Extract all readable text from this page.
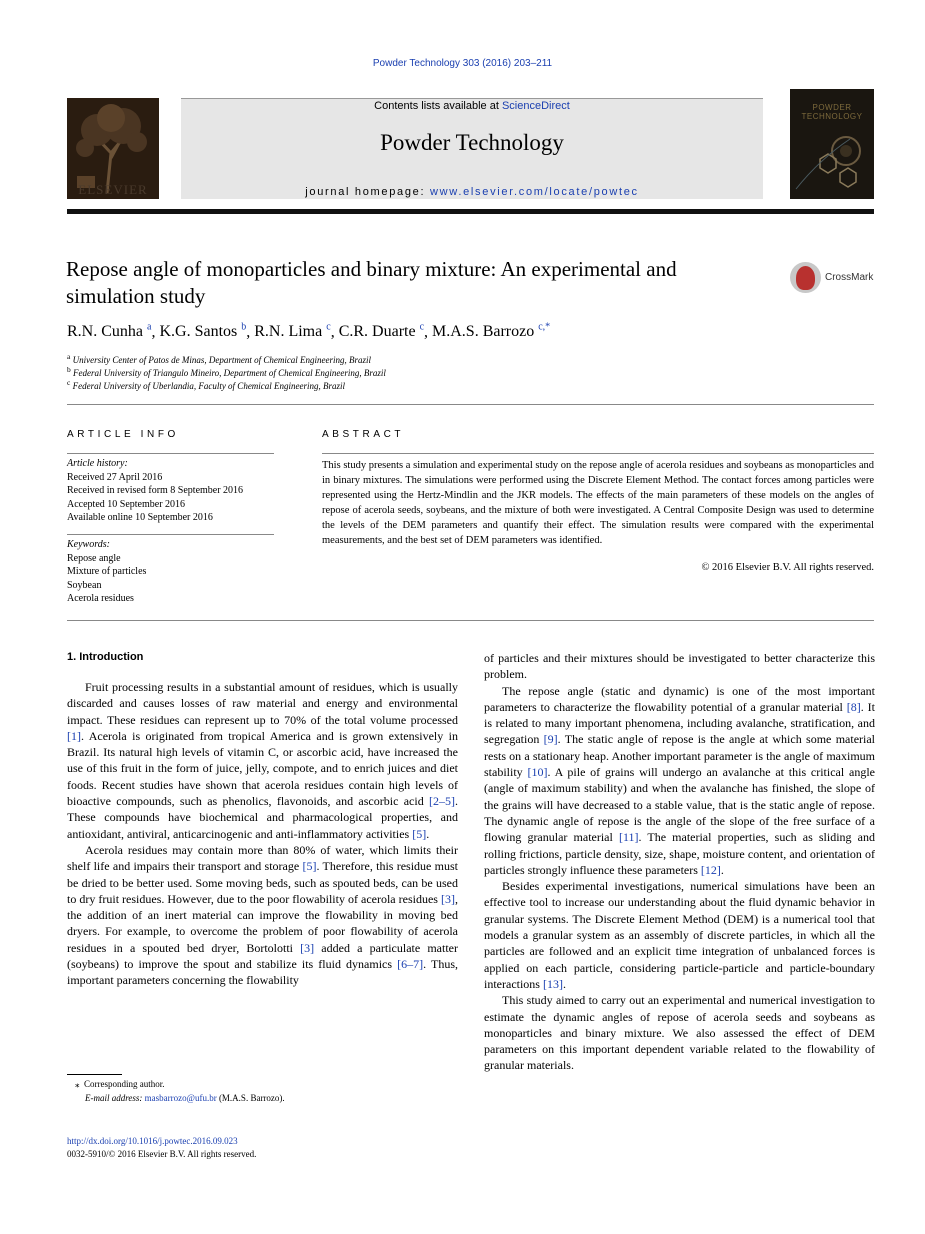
Powder Technology 303 (2016) 203–211
ELSEVIER
Contents lists available at ScienceDirect
Powder Technology
journal homepage: www.elsevier.com/locate/powtec
POWDER TECHNOLOGY
Repose angle of monoparticles and binary mixture: An experimental and
simulation study
CrossMark
R.N. Cunha $^a$, K.G. Santos $^b$, R.N. Lima $^c$, C.R. Duarte $^c$, M.A.S. Barrozo $^{c,*}$
$^a$ University Center of Patos de Minas, Department of Chemical Engineering, Brazil
$^b$ Federal University of Triangulo Mineiro, Department of Chemical Engineering, Brazil
$^c$ Federal University of Uberlandia, Faculty of Chemical Engineering, Brazil
ARTICLE INFO
Article history:
Received 27 April 2016
Received in revised form 8 September 2016
Accepted 10 September 2016
Available online 10 September 2016
Keywords:
Repose angle
Mixture of particles
Soybean
Acerola residues
ABSTRACT
This study presents a simulation and experimental study on the repose angle of acerola residues and soybeans as monoparticles and in binary mixtures. The simulations were performed using the Discrete Element Method. The contact forces among particles were represented using the Hertz-Mindlin and the JKR models. The effects of the main parameters of these models on the angles of repose of acerola seeds, soybeans, and the mixture of both were investigated. A Central Composite Design was used to determine the levels of the DEM parameters and quantify their effect. The simulation results were compared with the experimental measurements, and the best set of DEM parameters was identified.
© 2016 Elsevier B.V. All rights reserved.
1. Introduction

Fruit processing results in a substantial amount of residues, which is usually discarded and causes losses of raw material and energy and environmental impact. These residues can represent up to 70% of the total volume processed [1]. Acerola is originated from tropical America and is grown extensively in Brazil. Its natural high levels of vitamin C, or ascorbic acid, have increased the use of this fruit in the form of juice, jelly, compote, and to enrich juices and diet foods. Recent studies have shown that acerola residues contain high levels of bioactive compounds, such as phenolics, flavonoids, and ascorbic acid [2–5]. These compounds have biochemical and pharmacological properties, and antioxidant, antiviral, anticarcinogenic and anti-inflammatory activities [5].

Acerola residues may contain more than 80% of water, which limits their shelf life and impairs their transport and storage [5]. Therefore, this residue must be dried to be better used. Some moving beds, such as spouted beds, can be used to dry fruit residues. However, due to the poor flowability of acerola residues [3], the addition of an inert material can improve the flowability in moving bed dryers. For example, to overcome the problem of poor flowability of acerola residues in a spouted bed dryer, Bortolotti [3] added a particulate matter (soybeans) to improve the spout and stabilize its fluid dynamics [6–7]. Thus, important parameters concerning the flowability

of particles and their mixtures should be investigated to better characterize this problem.

The repose angle (static and dynamic) is one of the most important parameters to characterize the flowability potential of a granular material [8]. It is related to many important phenomena, including avalanche, stratification, and segregation [9]. The static angle of repose is the angle at which some material rests on a stationary heap. Another important parameter is the angle of maximum stability [10]. A pile of grains will undergo an avalanche at this critical angle (angle of maximum stability) and when the avalanche has finished, the slope of the grains will have decreased to a stable value, that is the static angle of repose. The dynamic angle of repose is the angle of the slope of the free surface of a flowing granular material [11]. The material properties, such as sliding and rolling frictions, particle density, size, shape, moisture content, and orientation of particles strongly influence these parameters [12].

Besides experimental investigations, numerical simulations have been an effective tool to increase our understanding about the fluid dynamic behavior in granular systems. The Discrete Element Method (DEM) is a numerical tool that models a granular system as an assembly of discrete particles, in which all the particles are followed and an explicit time integration of unbalanced forces is applied on each particle, considering particle-particle and particle-boundary interactions [13].

This study aimed to carry out an experimental and numerical investigation to estimate the dynamic angles of repose of acerola seeds and soybeans as monoparticles and binary mixture. We also assessed the effect of DEM parameters on this important dependent variable related to the flowability of granular materials.

⁎ Corresponding author.
E-mail address: masbarrozo@ufu.br (M.A.S. Barrozo).
http://dx.doi.org/10.1016/j.powtec.2016.09.023
0032-5910/© 2016 Elsevier B.V. All rights reserved.
